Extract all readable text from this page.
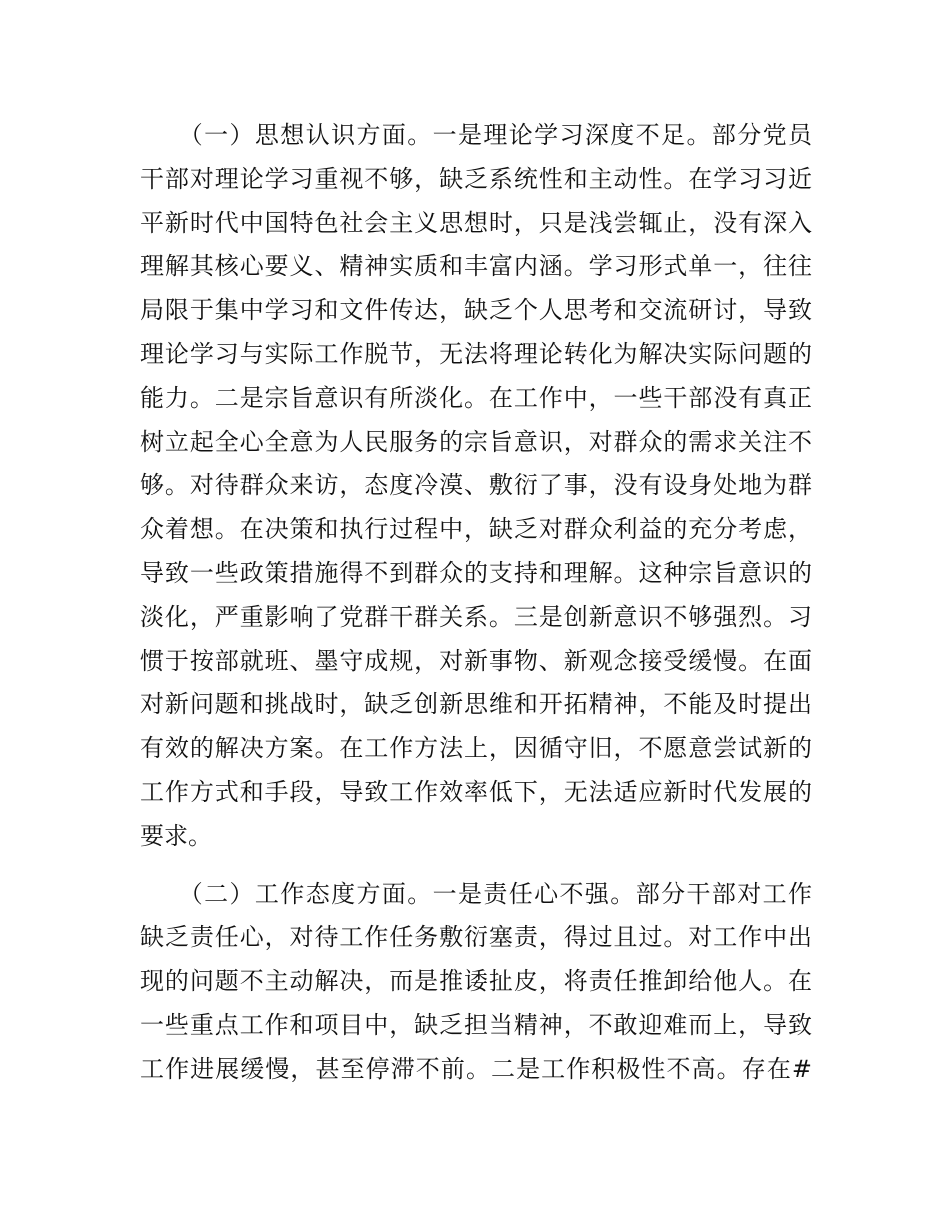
　　（一）思想认识方面。一是理论学习深度不足。部分党员
干部对理论学习重视不够，缺乏系统性和主动性。在学习习近
平新时代中国特色社会主义思想时，只是浅尝辄止，没有深入
理解其核心要义、精神实质和丰富内涵。学习形式单一，往往
局限于集中学习和文件传达，缺乏个人思考和交流研讨，导致
理论学习与实际工作脱节，无法将理论转化为解决实际问题的
能力。二是宗旨意识有所淡化。在工作中，一些干部没有真正
树立起全心全意为人民服务的宗旨意识，对群众的需求关注不
够。对待群众来访，态度冷漠、敷衍了事，没有设身处地为群
众着想。在决策和执行过程中，缺乏对群众利益的充分考虑，
导致一些政策措施得不到群众的支持和理解。这种宗旨意识的
淡化，严重影响了党群干群关系。三是创新意识不够强烈。习
惯于按部就班、墨守成规，对新事物、新观念接受缓慢。在面
对新问题和挑战时，缺乏创新思维和开拓精神，不能及时提出
有效的解决方案。在工作方法上，因循守旧，不愿意尝试新的
工作方式和手段，导致工作效率低下，无法适应新时代发展的
要求。
　　（二）工作态度方面。一是责任心不强。部分干部对工作
缺乏责任心，对待工作任务敷衍塞责，得过且过。对工作中出
现的问题不主动解决，而是推诿扯皮，将责任推卸给他人。在
一些重点工作和项目中，缺乏担当精神，不敢迎难而上，导致
工作进展缓慢，甚至停滞不前。二是工作积极性不高。存在#
